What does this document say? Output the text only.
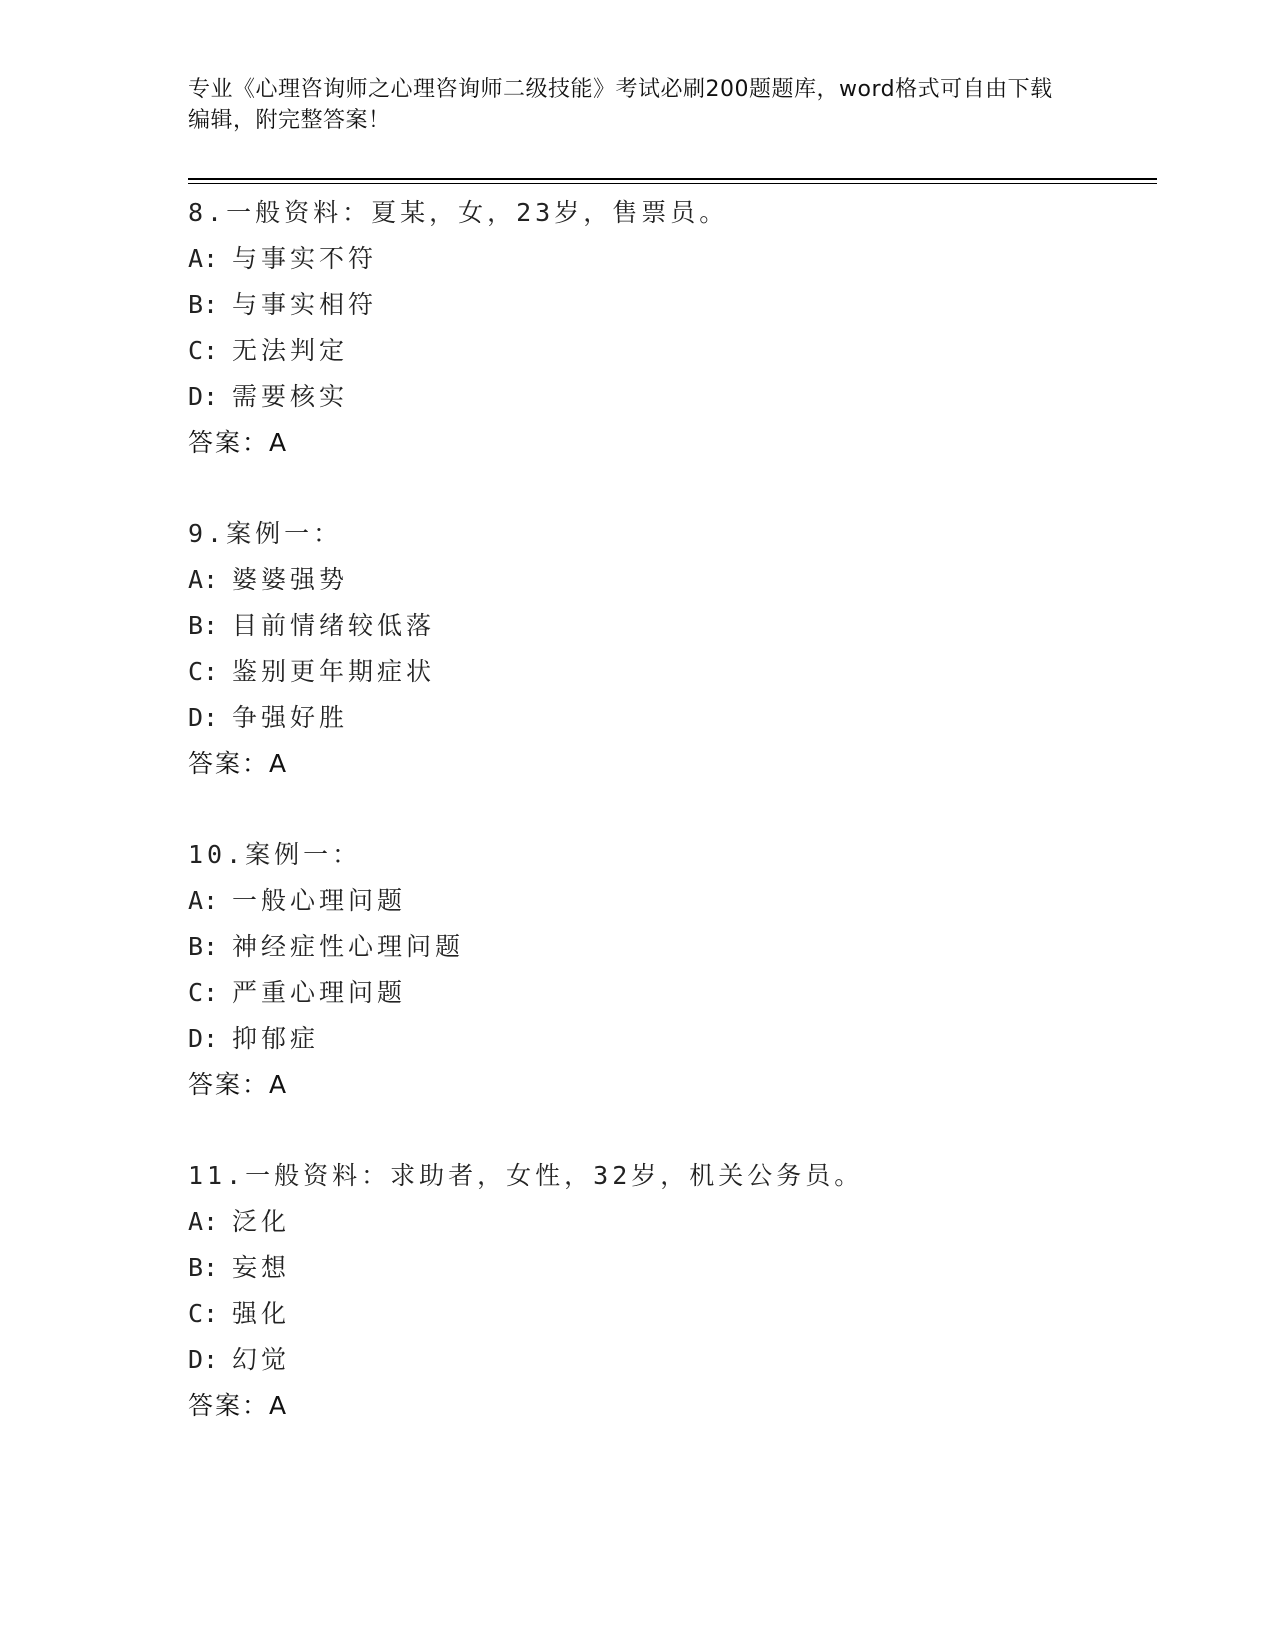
专业《心理咨询师之心理咨询师二级技能》考试必刷200题题库，word格式可自由下载编辑，附完整答案！
8.一般资料：夏某，女，23岁，售票员。
A: 与事实不符
B: 与事实相符
C: 无法判定
D: 需要核实
答案：A
9.案例一：
A: 婆婆强势
B: 目前情绪较低落
C: 鉴别更年期症状
D: 争强好胜
答案：A
10.案例一：
A: 一般心理问题
B: 神经症性心理问题
C: 严重心理问题
D: 抑郁症
答案：A
11.一般资料：求助者，女性，32岁，机关公务员。
A: 泛化
B: 妄想
C: 强化
D: 幻觉
答案：A
